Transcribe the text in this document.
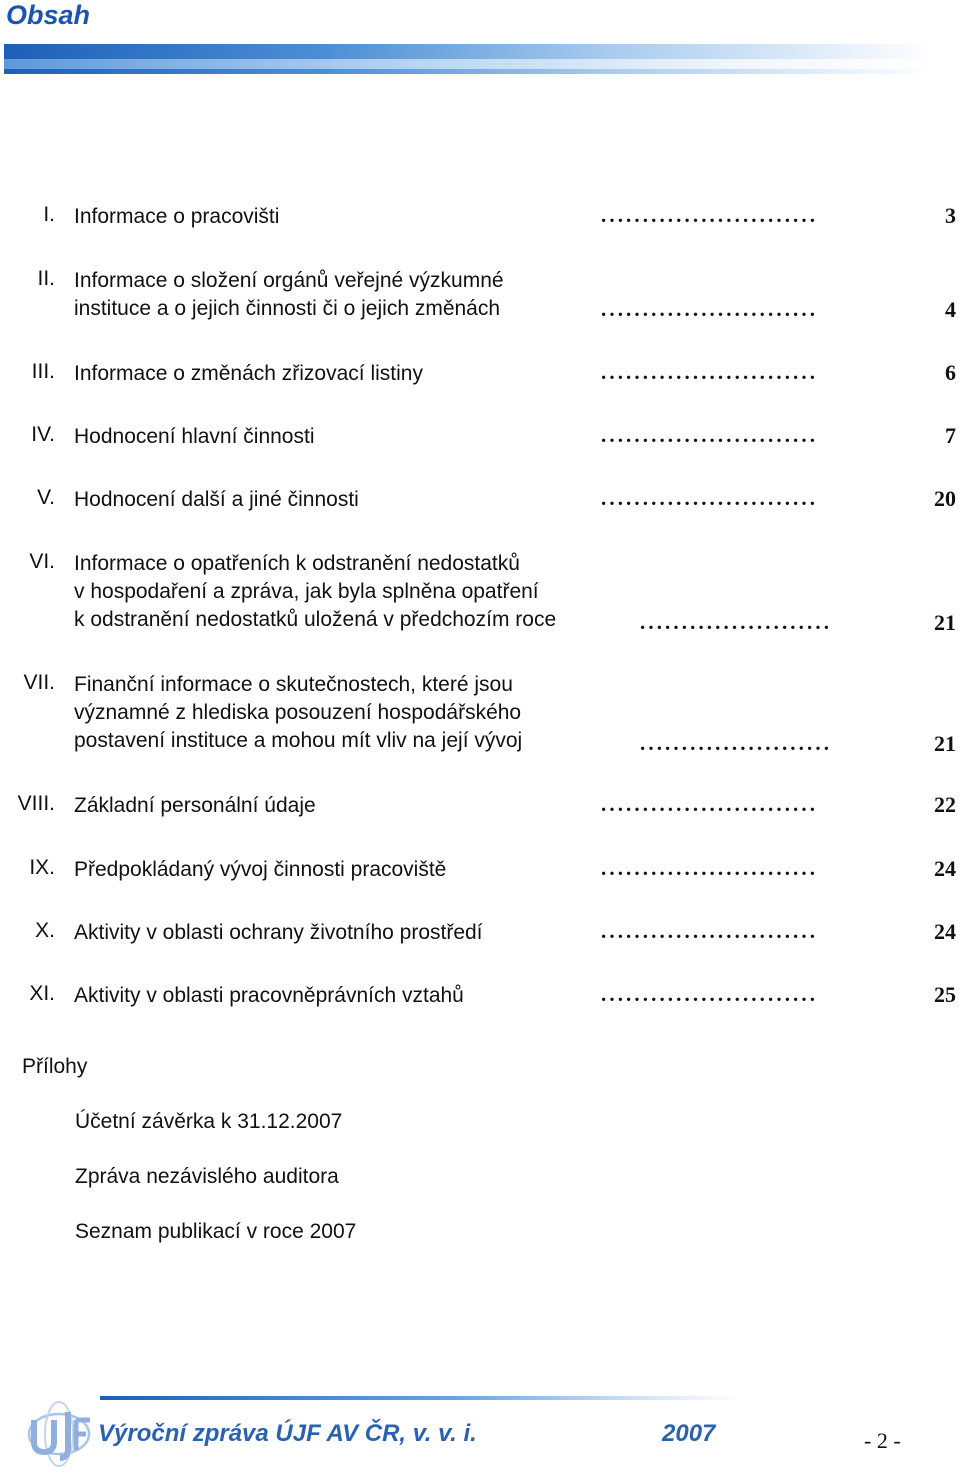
Obsah
I. Informace o pracovišti	..........................	3
II. Informace o složení orgánů veřejné výzkumné
instituce a o jejich činnosti či o jejich změnách	..........................	4
III. Informace o změnách zřizovací listiny	..........................	6
IV. Hodnocení hlavní činnosti	..........................	7
V. Hodnocení další a jiné činnosti	..........................	20
VI. Informace o opatřeních k odstranění nedostatků
v hospodaření a zpráva, jak byla splněna opatření
k odstranění nedostatků uložená v předchozím roce	.......................	21
VII. Finanční informace o skutečnostech, které jsou
významné z hlediska posouzení hospodářského
postavení instituce a mohou mít vliv na její vývoj	.......................	21
VIII. Základní personální údaje	..........................	22
IX. Předpokládaný vývoj činnosti pracoviště	..........................	24
X. Aktivity v oblasti ochrany životního prostředí	..........................	24
XI. Aktivity v oblasti pracovněprávních vztahů	..........................	25
Přílohy
Účetní závěrka k 31.12.2007
Zpráva nezávislého auditora
Seznam publikací v roce 2007
Výroční zpráva ÚJF AV ČR, v. v. i.	2007	- 2 -
